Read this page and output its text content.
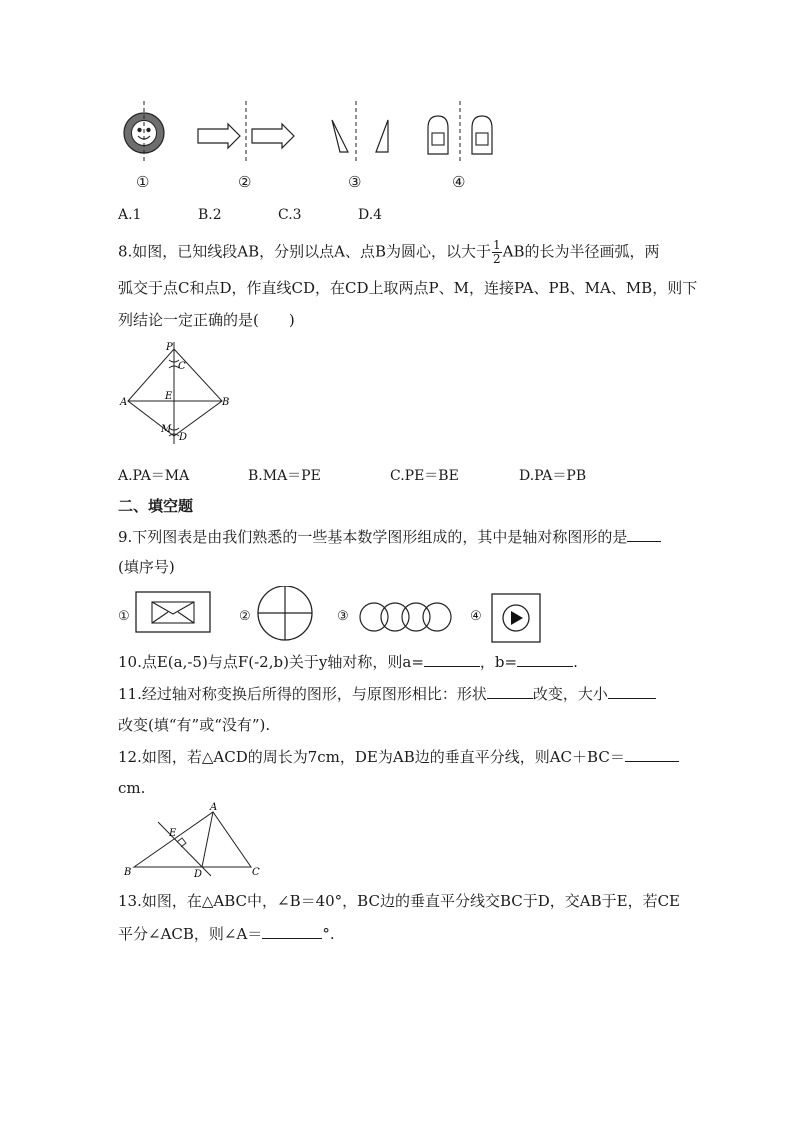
①	②	③	④
A.1	B.2	C.3	D.4
8.如图，已知线段AB，分别以点A、点B为圆心，以大于 $\frac{1}{2}$ AB的长为半径画弧，两
弧交于点C和点D，作直线CD，在CD上取两点P、M，连接PA、PB、MA、MB，则下
列结论一定正确的是(　　)
P
C
A
E
B
M
D
A.PA＝MA	B.MA＝PE	C.PE＝BE	D.PA＝PB
二、填空题
9.下列图表是由我们熟悉的一些基本数学图形组成的，其中是轴对称图形的是
(填序号)
①	②	③	④
10.点E(a,-5)与点F(-2,b)关于y轴对称，则a=	，b=	.
11.经过轴对称变换后所得的图形，与原图形相比：形状	改变，大小
改变(填“有”或“没有”).
12.如图，若△ACD的周长为7cm，DE为AB边的垂直平分线，则AC＋BC＝
cm.
A
E
B	D	C
13.如图，在△ABC中，∠B＝40°，BC边的垂直平分线交BC于D，交AB于E，若CE
平分∠ACB，则∠A＝	°.
